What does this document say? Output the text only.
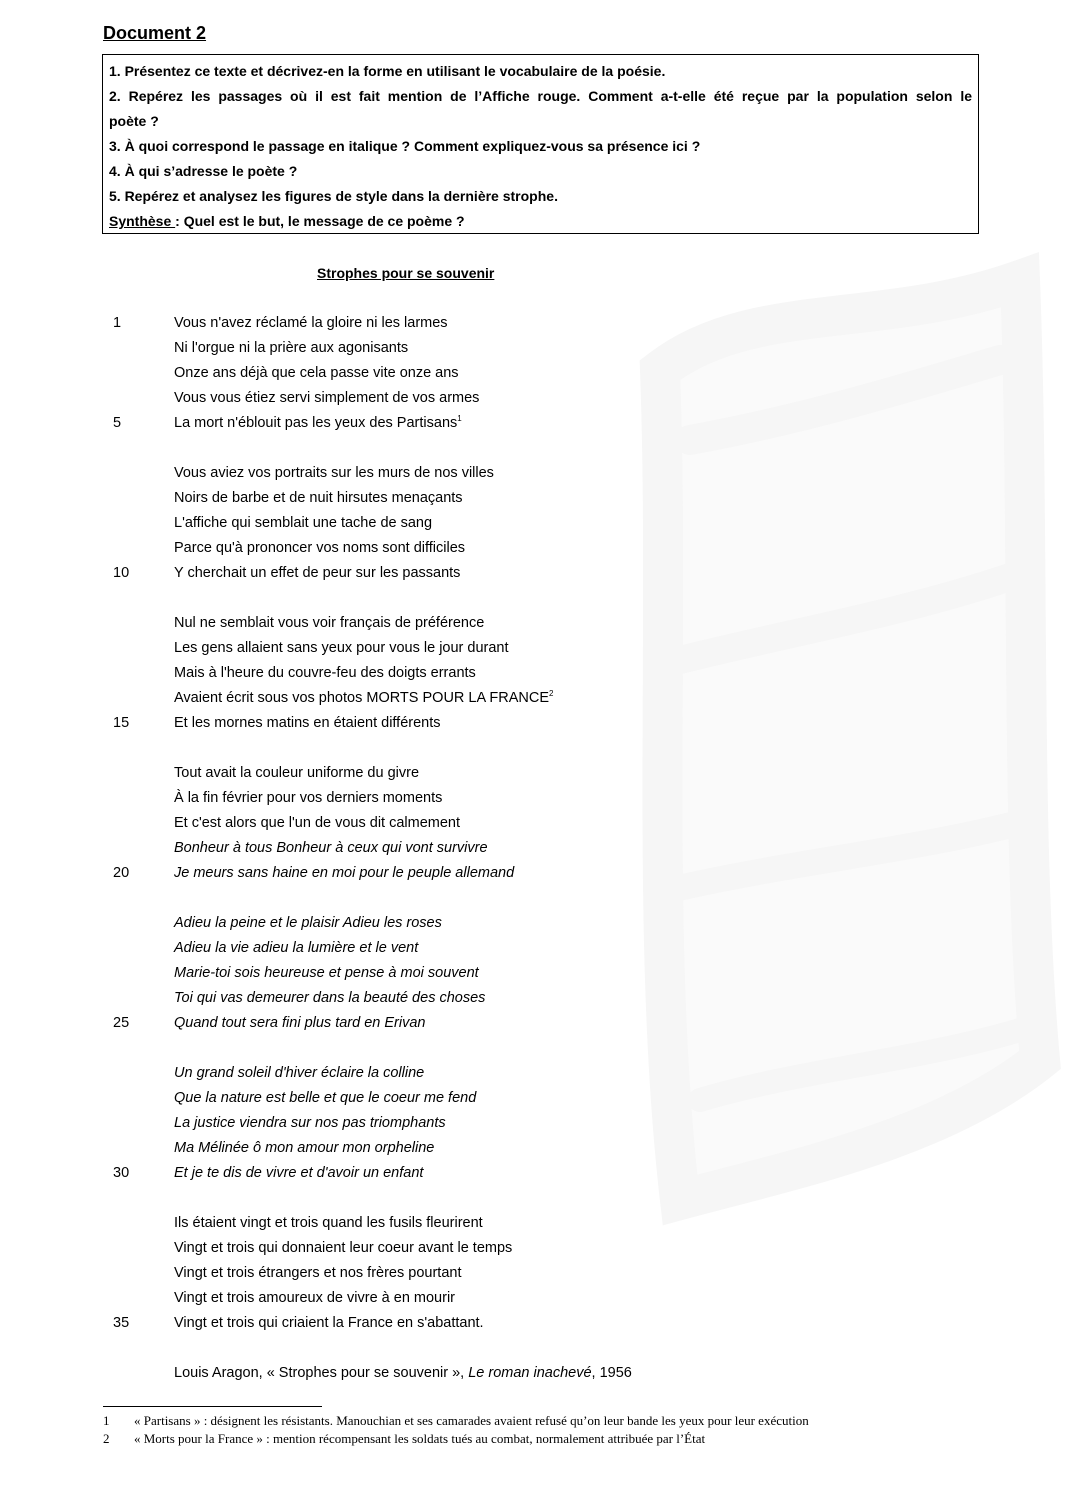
Document 2
1. Présentez ce texte et décrivez-en la forme en utilisant le vocabulaire de la poésie.
2. Repérez les passages où il est fait mention de l’Affiche rouge. Comment a-t-elle été reçue par la population selon le
poète ?
3. À quoi correspond le passage en italique ? Comment expliquez-vous sa présence ici ?
4. À qui s’adresse le poète ?
5. Repérez et analysez les figures de style dans la dernière strophe.
Synthèse : Quel est le but, le message de ce poème ?
Strophes pour se souvenir
1	Vous n'avez réclamé la gloire ni les larmes
Ni l'orgue ni la prière aux agonisants
Onze ans déjà que cela passe vite onze ans
Vous vous étiez servi simplement de vos armes
5	La mort n'éblouit pas les yeux des Partisans$^1$
Vous aviez vos portraits sur les murs de nos villes
Noirs de barbe et de nuit hirsutes menaçants
L'affiche qui semblait une tache de sang
Parce qu'à prononcer vos noms sont difficiles
10	Y cherchait un effet de peur sur les passants
Nul ne semblait vous voir français de préférence
Les gens allaient sans yeux pour vous le jour durant
Mais à l'heure du couvre-feu des doigts errants
Avaient écrit sous vos photos MORTS POUR LA FRANCE$^2$
15	Et les mornes matins en étaient différents
Tout avait la couleur uniforme du givre
À la fin février pour vos derniers moments
Et c'est alors que l'un de vous dit calmement
Bonheur à tous Bonheur à ceux qui vont survivre
20	Je meurs sans haine en moi pour le peuple allemand
Adieu la peine et le plaisir Adieu les roses
Adieu la vie adieu la lumière et le vent
Marie-toi sois heureuse et pense à moi souvent
Toi qui vas demeurer dans la beauté des choses
25	Quand tout sera fini plus tard en Erivan
Un grand soleil d'hiver éclaire la colline
Que la nature est belle et que le coeur me fend
La justice viendra sur nos pas triomphants
Ma Mélinée ô mon amour mon orpheline
30	Et je te dis de vivre et d'avoir un enfant
Ils étaient vingt et trois quand les fusils fleurirent
Vingt et trois qui donnaient leur coeur avant le temps
Vingt et trois étrangers et nos frères pourtant
Vingt et trois amoureux de vivre à en mourir
35	Vingt et trois qui criaient la France en s'abattant.
Louis Aragon, « Strophes pour se souvenir », Le roman inachevé, 1956
1 « Partisans » : désignent les résistants. Manouchian et ses camarades avaient refusé qu’on leur bande les yeux pour leur exécution
2 « Morts pour la France » : mention récompensant les soldats tués au combat, normalement attribuée par l’État
